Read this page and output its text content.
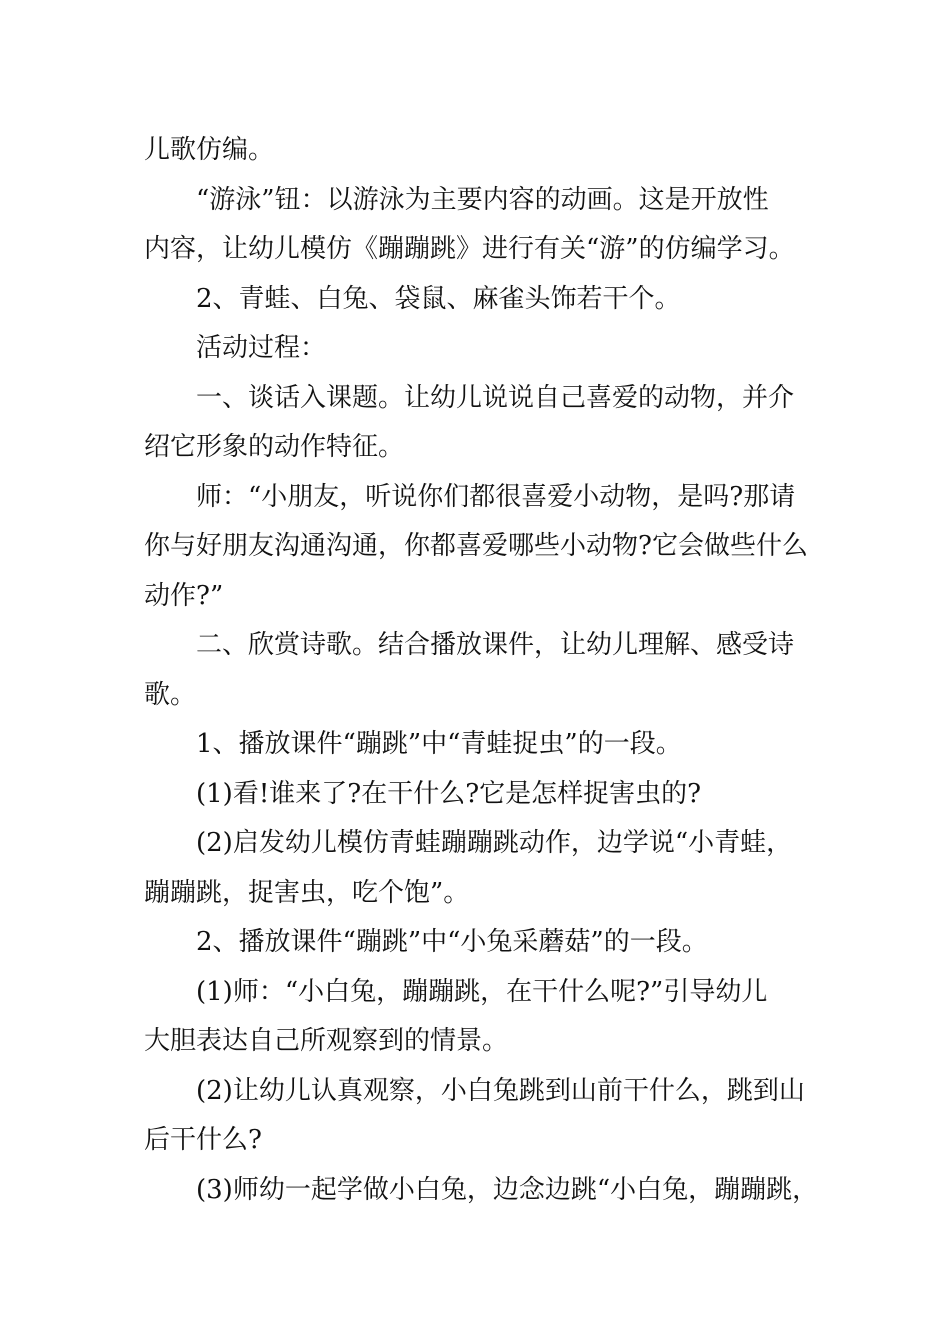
儿歌仿编。

“游泳”钮：以游泳为主要内容的动画。这是开放性

内容，让幼儿模仿《蹦蹦跳》进行有关“游”的仿编学习。

2、青蛙、白兔、袋鼠、麻雀头饰若干个。

活动过程：

一、谈话入课题。让幼儿说说自己喜爱的动物，并介

绍它形象的动作特征。

师：“小朋友，听说你们都很喜爱小动物，是吗?那请

你与好朋友沟通沟通，你都喜爱哪些小动物?它会做些什么

动作?”

二、欣赏诗歌。结合播放课件，让幼儿理解、感受诗

歌。

1、播放课件“蹦跳”中“青蛙捉虫”的一段。

(1)看!谁来了?在干什么?它是怎样捉害虫的?

(2)启发幼儿模仿青蛙蹦蹦跳动作，边学说“小青蛙，

蹦蹦跳，捉害虫，吃个饱”。

2、播放课件“蹦跳”中“小兔采蘑菇”的一段。

(1)师：“小白兔，蹦蹦跳，在干什么呢?”引导幼儿

大胆表达自己所观察到的情景。

(2)让幼儿认真观察，小白兔跳到山前干什么，跳到山

后干什么?

(3)师幼一起学做小白兔，边念边跳“小白兔，蹦蹦跳，
